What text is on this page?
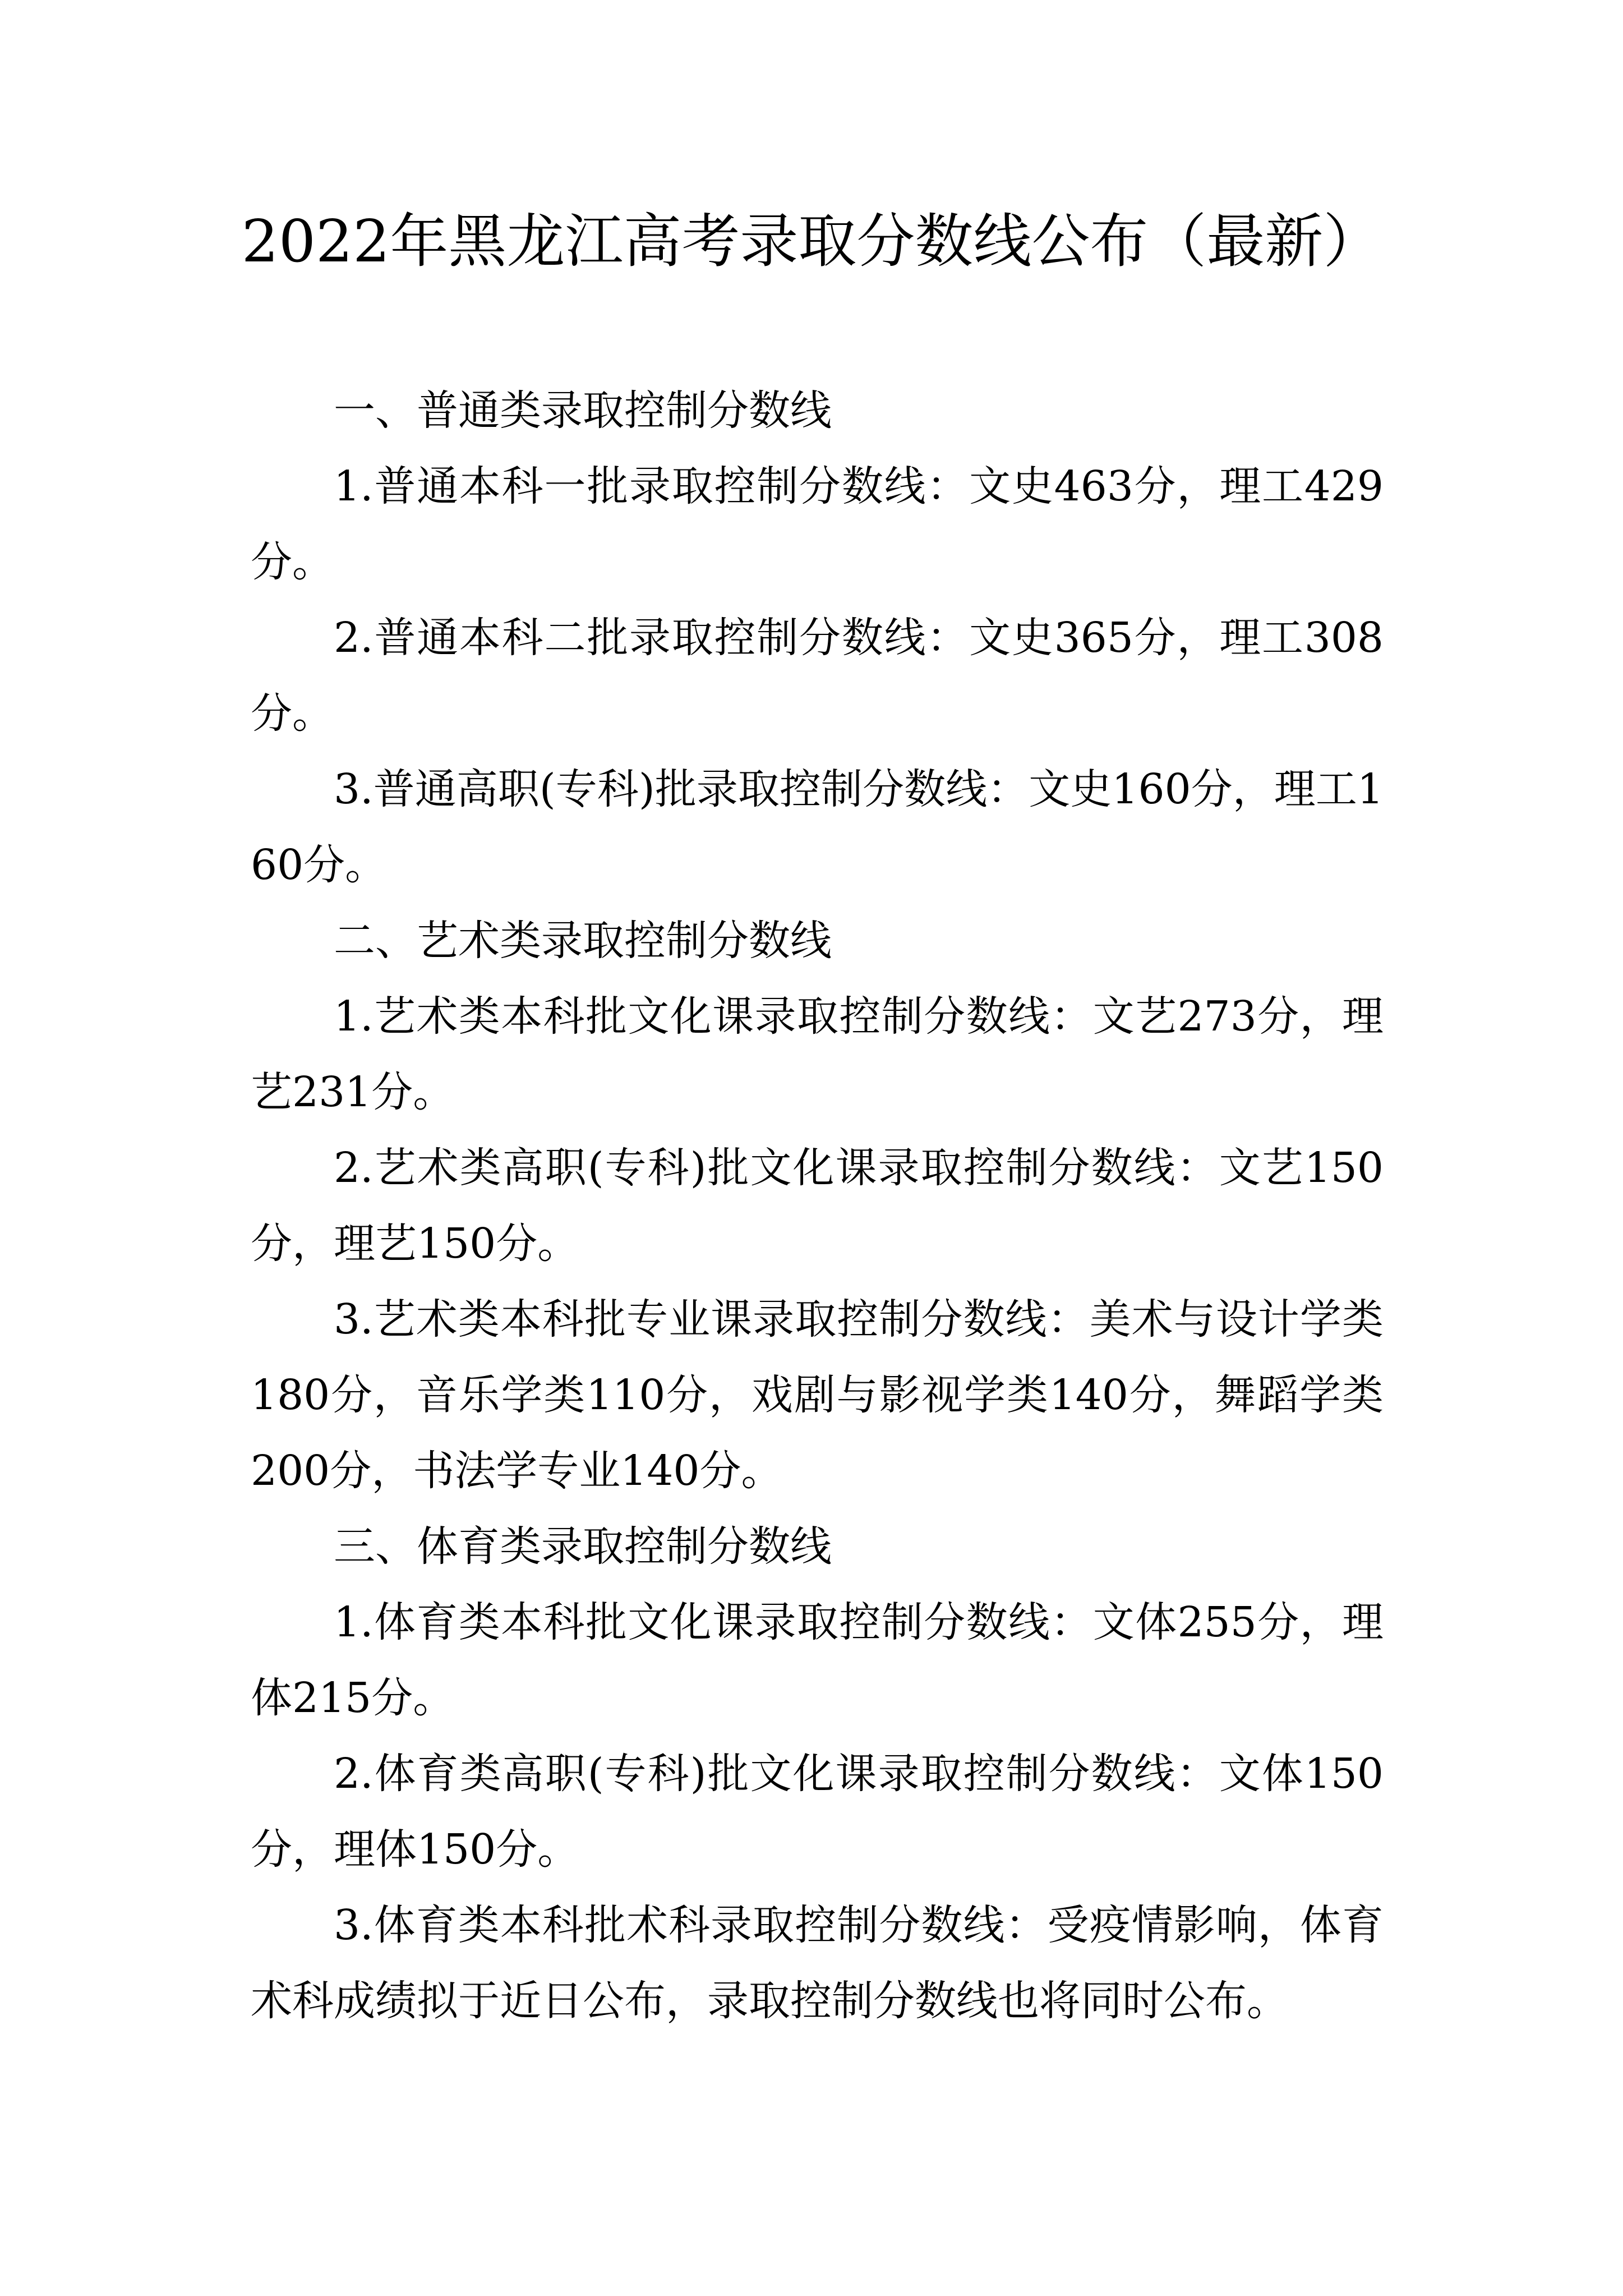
2022年黑龙江高考录取分数线公布（最新）

一、普通类录取控制分数线

1.普通本科一批录取控制分数线：文史463分，理工429分。

2.普通本科二批录取控制分数线：文史365分，理工308分。

3.普通高职(专科)批录取控制分数线：文史160分，理工160分。

二、艺术类录取控制分数线

1.艺术类本科批文化课录取控制分数线：文艺273分，理艺231分。

2.艺术类高职(专科)批文化课录取控制分数线：文艺150分，理艺150分。

3.艺术类本科批专业课录取控制分数线：美术与设计学类180分，音乐学类110分，戏剧与影视学类140分，舞蹈学类200分，书法学专业140分。

三、体育类录取控制分数线

1.体育类本科批文化课录取控制分数线：文体255分，理体215分。

2.体育类高职(专科)批文化课录取控制分数线：文体150分，理体150分。

3.体育类本科批术科录取控制分数线：受疫情影响，体育术科成绩拟于近日公布，录取控制分数线也将同时公布。
